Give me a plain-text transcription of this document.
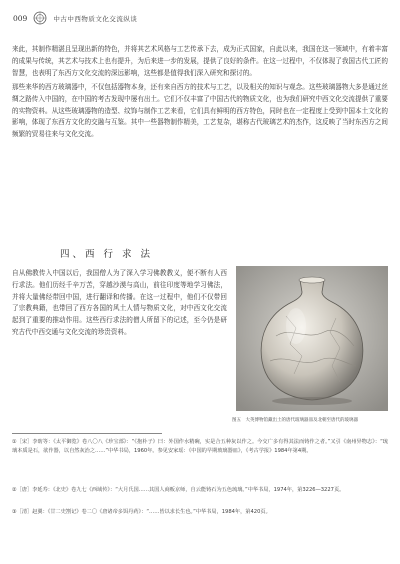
009	中古中西物质文化交流纵谈

来此，其制作精湛且呈现出新的特色，并将其艺术风格与工艺传承下去，成为正式国家，自此以来，我国在这一领域中，有着丰富的成果与传统，其艺术与技术上也有提升，为后来进一步的发展，提供了良好的条件。在这一过程中，不仅体现了我国古代工匠的智慧，也表明了东西方文化交流的深远影响，这些都是值得我们深入研究和探讨的。

那些来华的西方玻璃器中，不仅包括器物本身，还有来自西方的技术与工艺，以及相关的知识与观念。这些玻璃器物大多是通过丝绸之路传入中国的，在中国的考古发现中屡有出土。它们不仅丰富了中国古代的物质文化，也为我们研究中西文化交流提供了重要的实物资料。从这些玻璃器物的造型、纹饰与制作工艺来看，它们具有鲜明的西方特色，同时也在一定程度上受到中国本土文化的影响，体现了东西方文化的交融与互鉴。其中一些器物制作精美，工艺复杂，堪称古代玻璃艺术的杰作，这反映了当时东西方之间频繁的贸易往来与文化交流。

四、西 行 求 法

自从佛教传入中国以后，我国僧人为了深入学习佛教教义，便不断有人西行求法。他们历经千辛万苦，穿越沙漠与高山，前往印度等地学习佛法，并将大量佛经带回中国，进行翻译和传播。在这一过程中，他们不仅带回了宗教典籍，也带回了西方各国的风土人情与物质文化，对中西文化交流起到了重要的推动作用。这些西行求法的僧人所留下的记述，至今仍是研究古代中西交通与文化交流的珍贵资料。

图五　大英博物馆藏出土的唐代玻璃器皿及北朝至唐代的玻璃器
①［宋］李昉等：《太平御览》卷八〇八《珍宝部》：“《抱朴子》曰：外国作水精碗，实是合五种灰以作之。今交广多有得其法而铸作之者。”又引《南州异物志》：“琉璃本质是石，欲作器，以自然灰治之……”中华书局，1960年。参见安家瑶：《中国的早期玻璃器皿》，《考古学报》1984年第4期。
②［唐］李延寿：《北史》卷九七《西域传》：“大月氏国……其国人商贩京师，自云能铸石为五色琉璃。”中华书局，1974年，第3226—3227页。
③［清］赵翼：《廿二史劄记》卷二〇《唐诸帝多饵丹药》：“……皆以求长生也。”中华书局，1984年，第420页。
